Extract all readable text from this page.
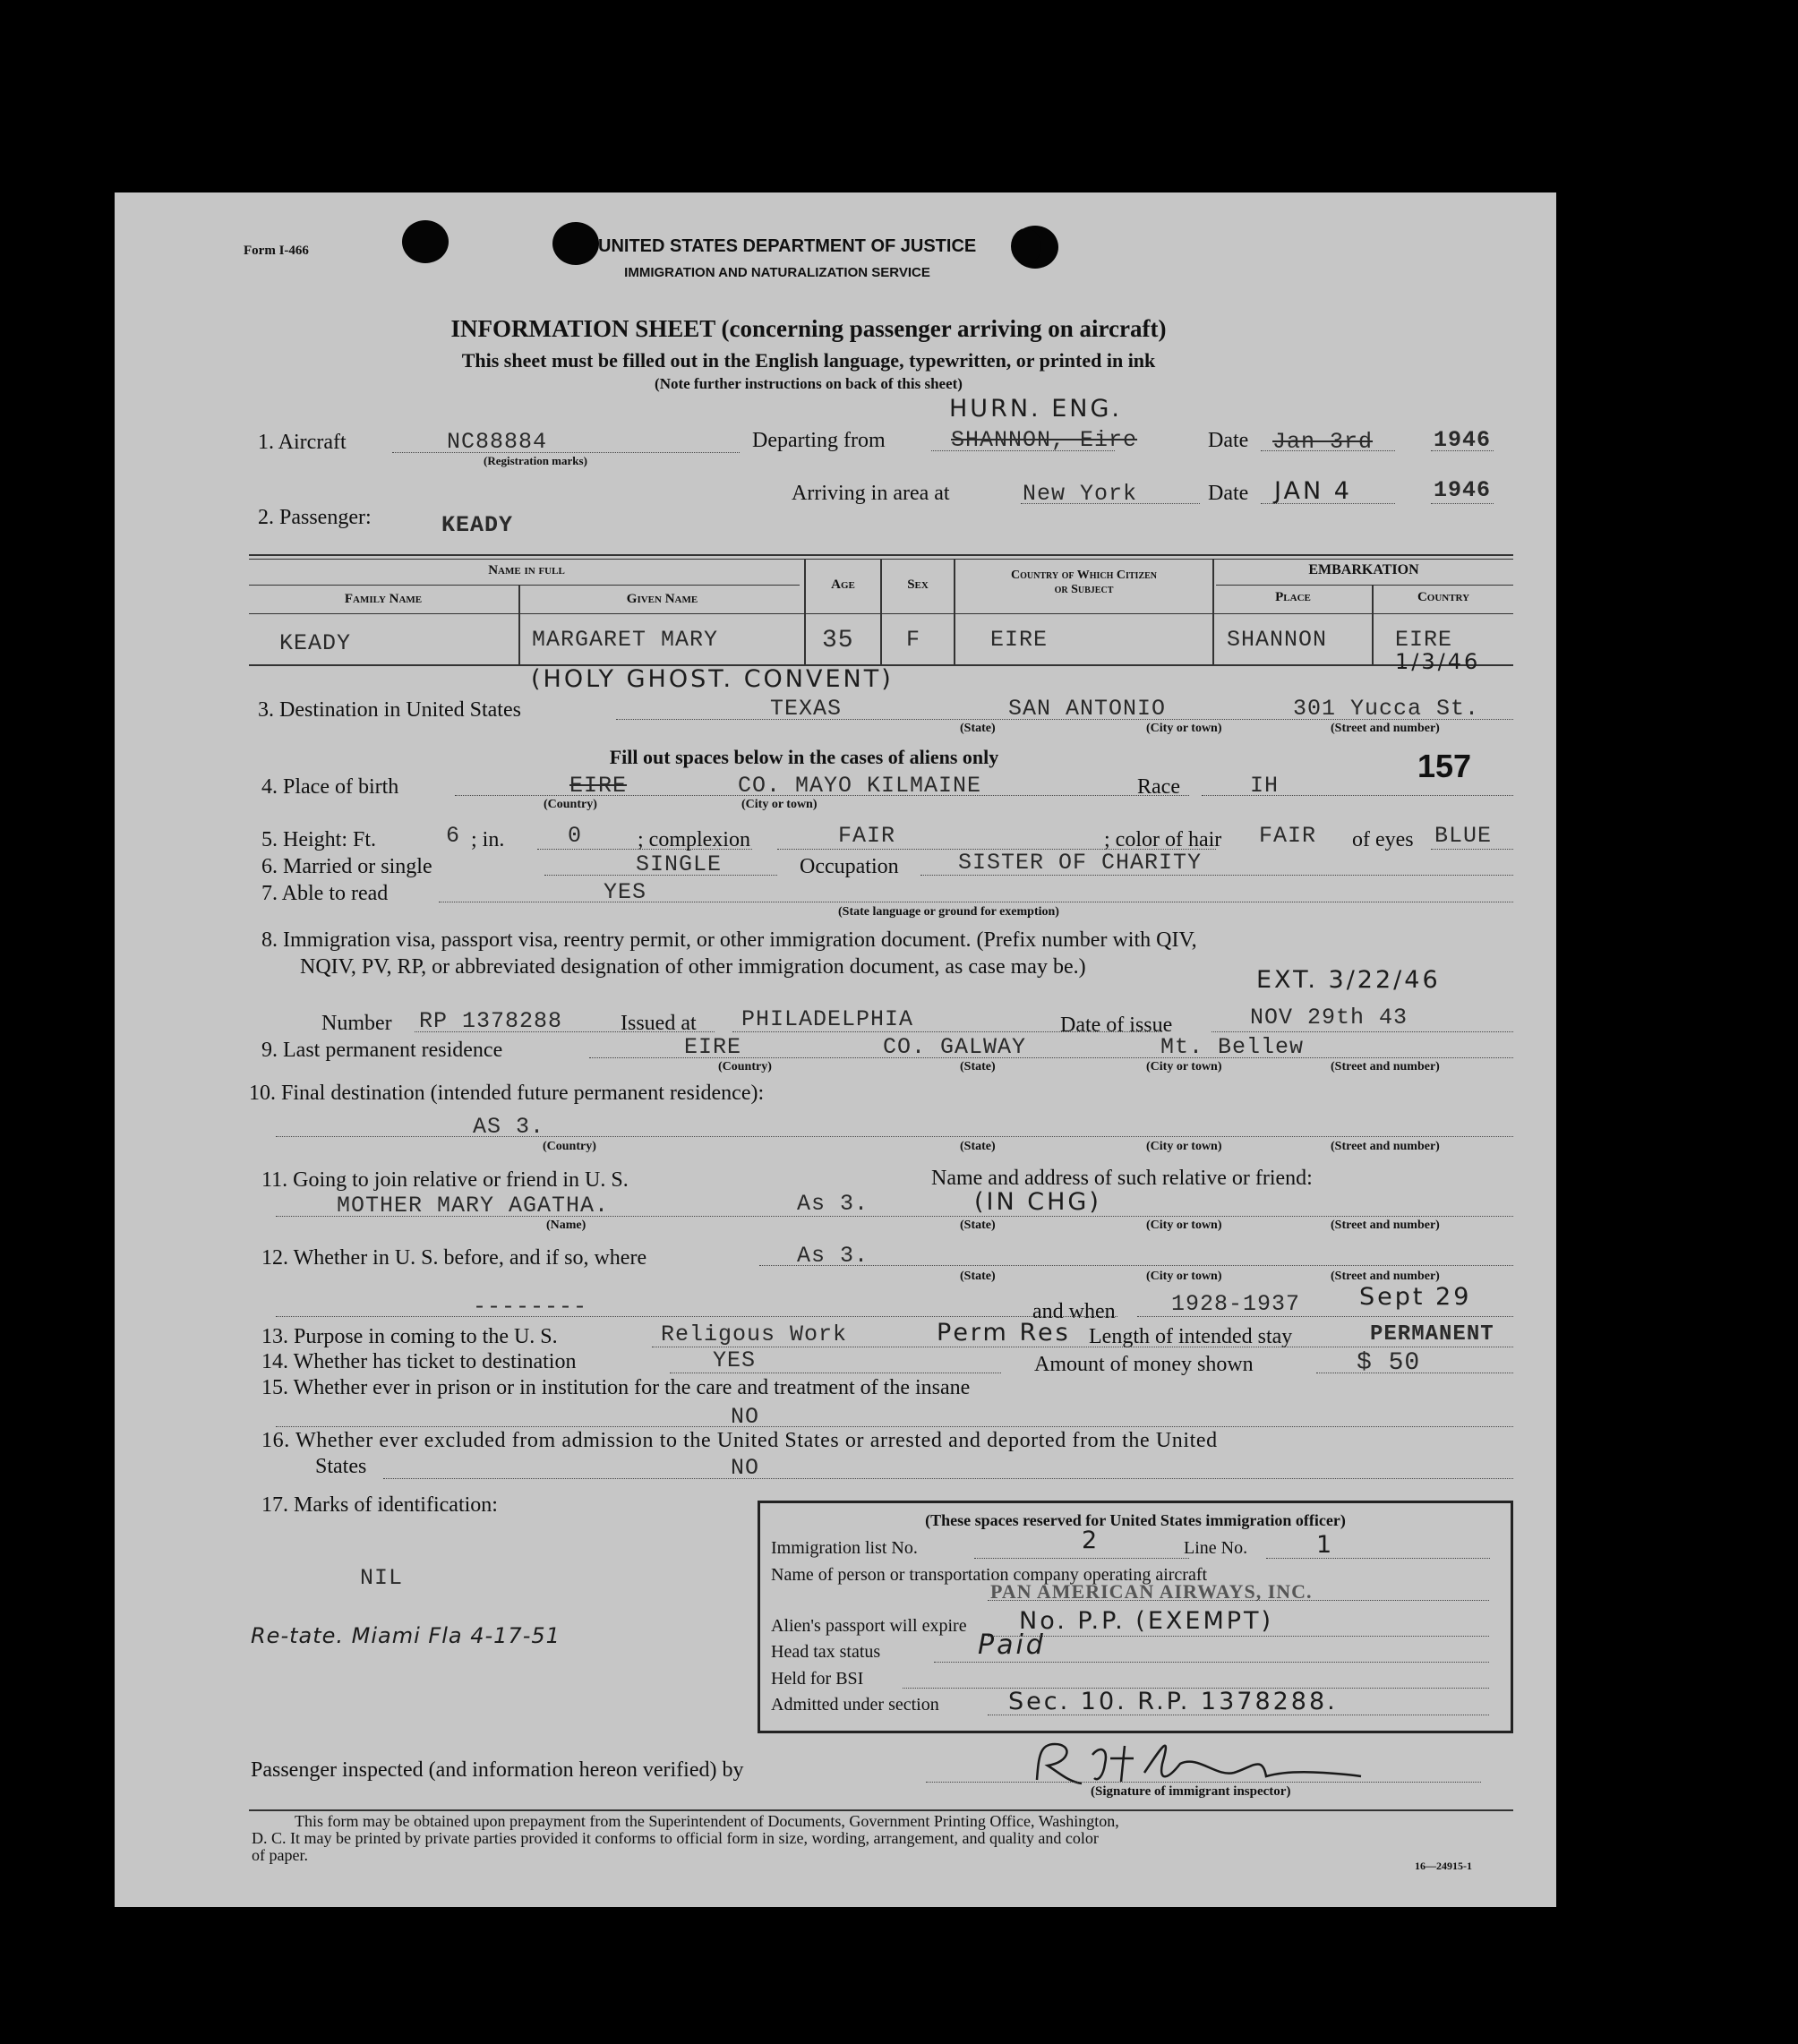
Form I-466	UNITED STATES DEPARTMENT OF JUSTICE
IMMIGRATION AND NATURALIZATION SERVICE
INFORMATION SHEET (concerning passenger arriving on aircraft)
This sheet must be filled out in the English language, typewritten, or printed in ink
(Note further instructions on back of this sheet)
1. Aircraft	NC88884
(Registration marks)
Departing from
HURN. ENG.
SHANNON, Eire	Date Jan 3rd	1946
Arriving in area at	New York	Date JAN 4	1946
2. Passenger:	KEADY
Name in full
Family Name	Given Name
Age	Sex
Country of Which Citizen
or Subject
EMBARKATION
Place	Country
KEADY	MARGARET MARY	35 F	EIRE	SHANNON	EIRE
1/3/46
(HOLY GHOST. CONVENT)
3. Destination in United States	TEXAS	SAN ANTONIO	301 Yucca St.
(State)	(City or town)	(Street and number)
Fill out spaces below in the cases of aliens only	157
4. Place of birth	EIRE	CO. MAYO KILMAINE
(Country)	(City or town)
Race	IH
5. Height: Ft.	6 ; in.	0	; complexion	FAIR	; color of hair FAIR of eyes BLUE
6. Married or single	SINGLE	Occupation	SISTER OF CHARITY
7. Able to read	YES
(State language or ground for exemption)
8. Immigration visa, passport visa, reentry permit, or other immigration document. (Prefix number with QIV,
NQIV, PV, RP, or abbreviated designation of other immigration document, as case may be.)	EXT. 3/22/46
Number RP 1378288	Issued at PHILADELPHIA	Date of issue	NOV 29th 43
9. Last permanent residence	EIRE	CO. GALWAY	Mt. Bellew
(Country)	(State)	(City or town)	(Street and number)
10. Final destination (intended future permanent residence):
AS 3.
(Country)	(State)	(City or town)	(Street and number)
11. Going to join relative or friend in U. S.	Name and address of such relative or friend:
MOTHER MARY AGATHA.	As 3.	(IN CHG)
(Name)	(State)	(City or town)	(Street and number)
12. Whether in U. S. before, and if so, where	As 3.
(State)	(City or town)	(Street and number)
--------	and when 1928-1937 Sept 29
13. Purpose in coming to the U. S.	Religous Work	Perm Res Length of intended stay	PERMANENT
14. Whether has ticket to destination	YES	Amount of money shown	$ 50
15. Whether ever in prison or in institution for the care and treatment of the insane
NO
16. Whether ever excluded from admission to the United States or arrested and deported from the United
States	NO
17. Marks of identification:
NIL
Re-tate. Miami Fla 4-17-51
(These spaces reserved for United States immigration officer)
Immigration list No.	2	Line No.	1
Name of person or transportation company operating aircraft
PAN AMERICAN AIRWAYS, INC.
Alien's passport will expire No. P.P. (EXEMPT)
Head tax status	Paid
Held for BSI
Admitted under section	Sec. 10. R.P. 1378288.
Passenger inspected (and information hereon verified) by
(Signature of immigrant inspector)
This form may be obtained upon prepayment from the Superintendent of Documents, Government Printing Office, Washington,
D. C. It may be printed by private parties provided it conforms to official form in size, wording, arrangement, and quality and color
of paper.
16—24915-1
